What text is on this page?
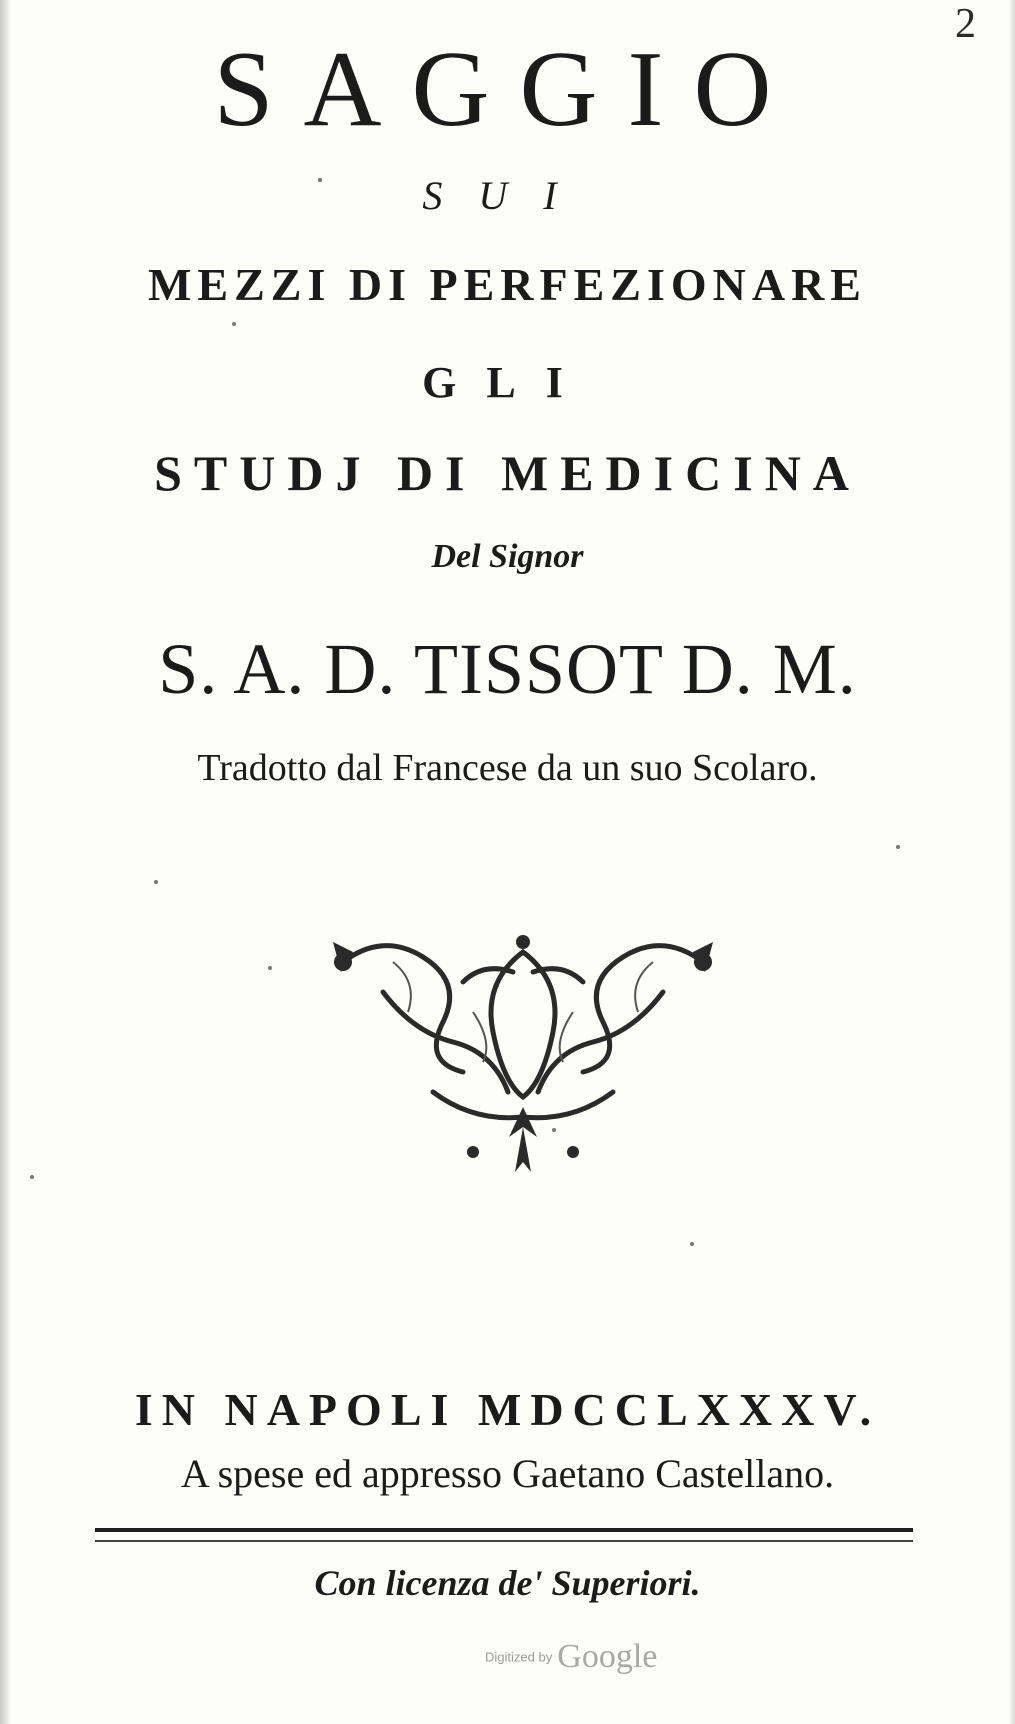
2
SAGGIO
SUI
MEZZI DI PERFEZIONARE
GLI
STUDJ DI MEDICINA
Del Signor
S. A. D. TISSOT D. M.
Tradotto dal Francese da un suo Scolaro.
IN NAPOLI MDCCLXXXV.
A spese ed appresso Gaetano Castellano.
Con licenza de' Superiori.
Digitized by Google
